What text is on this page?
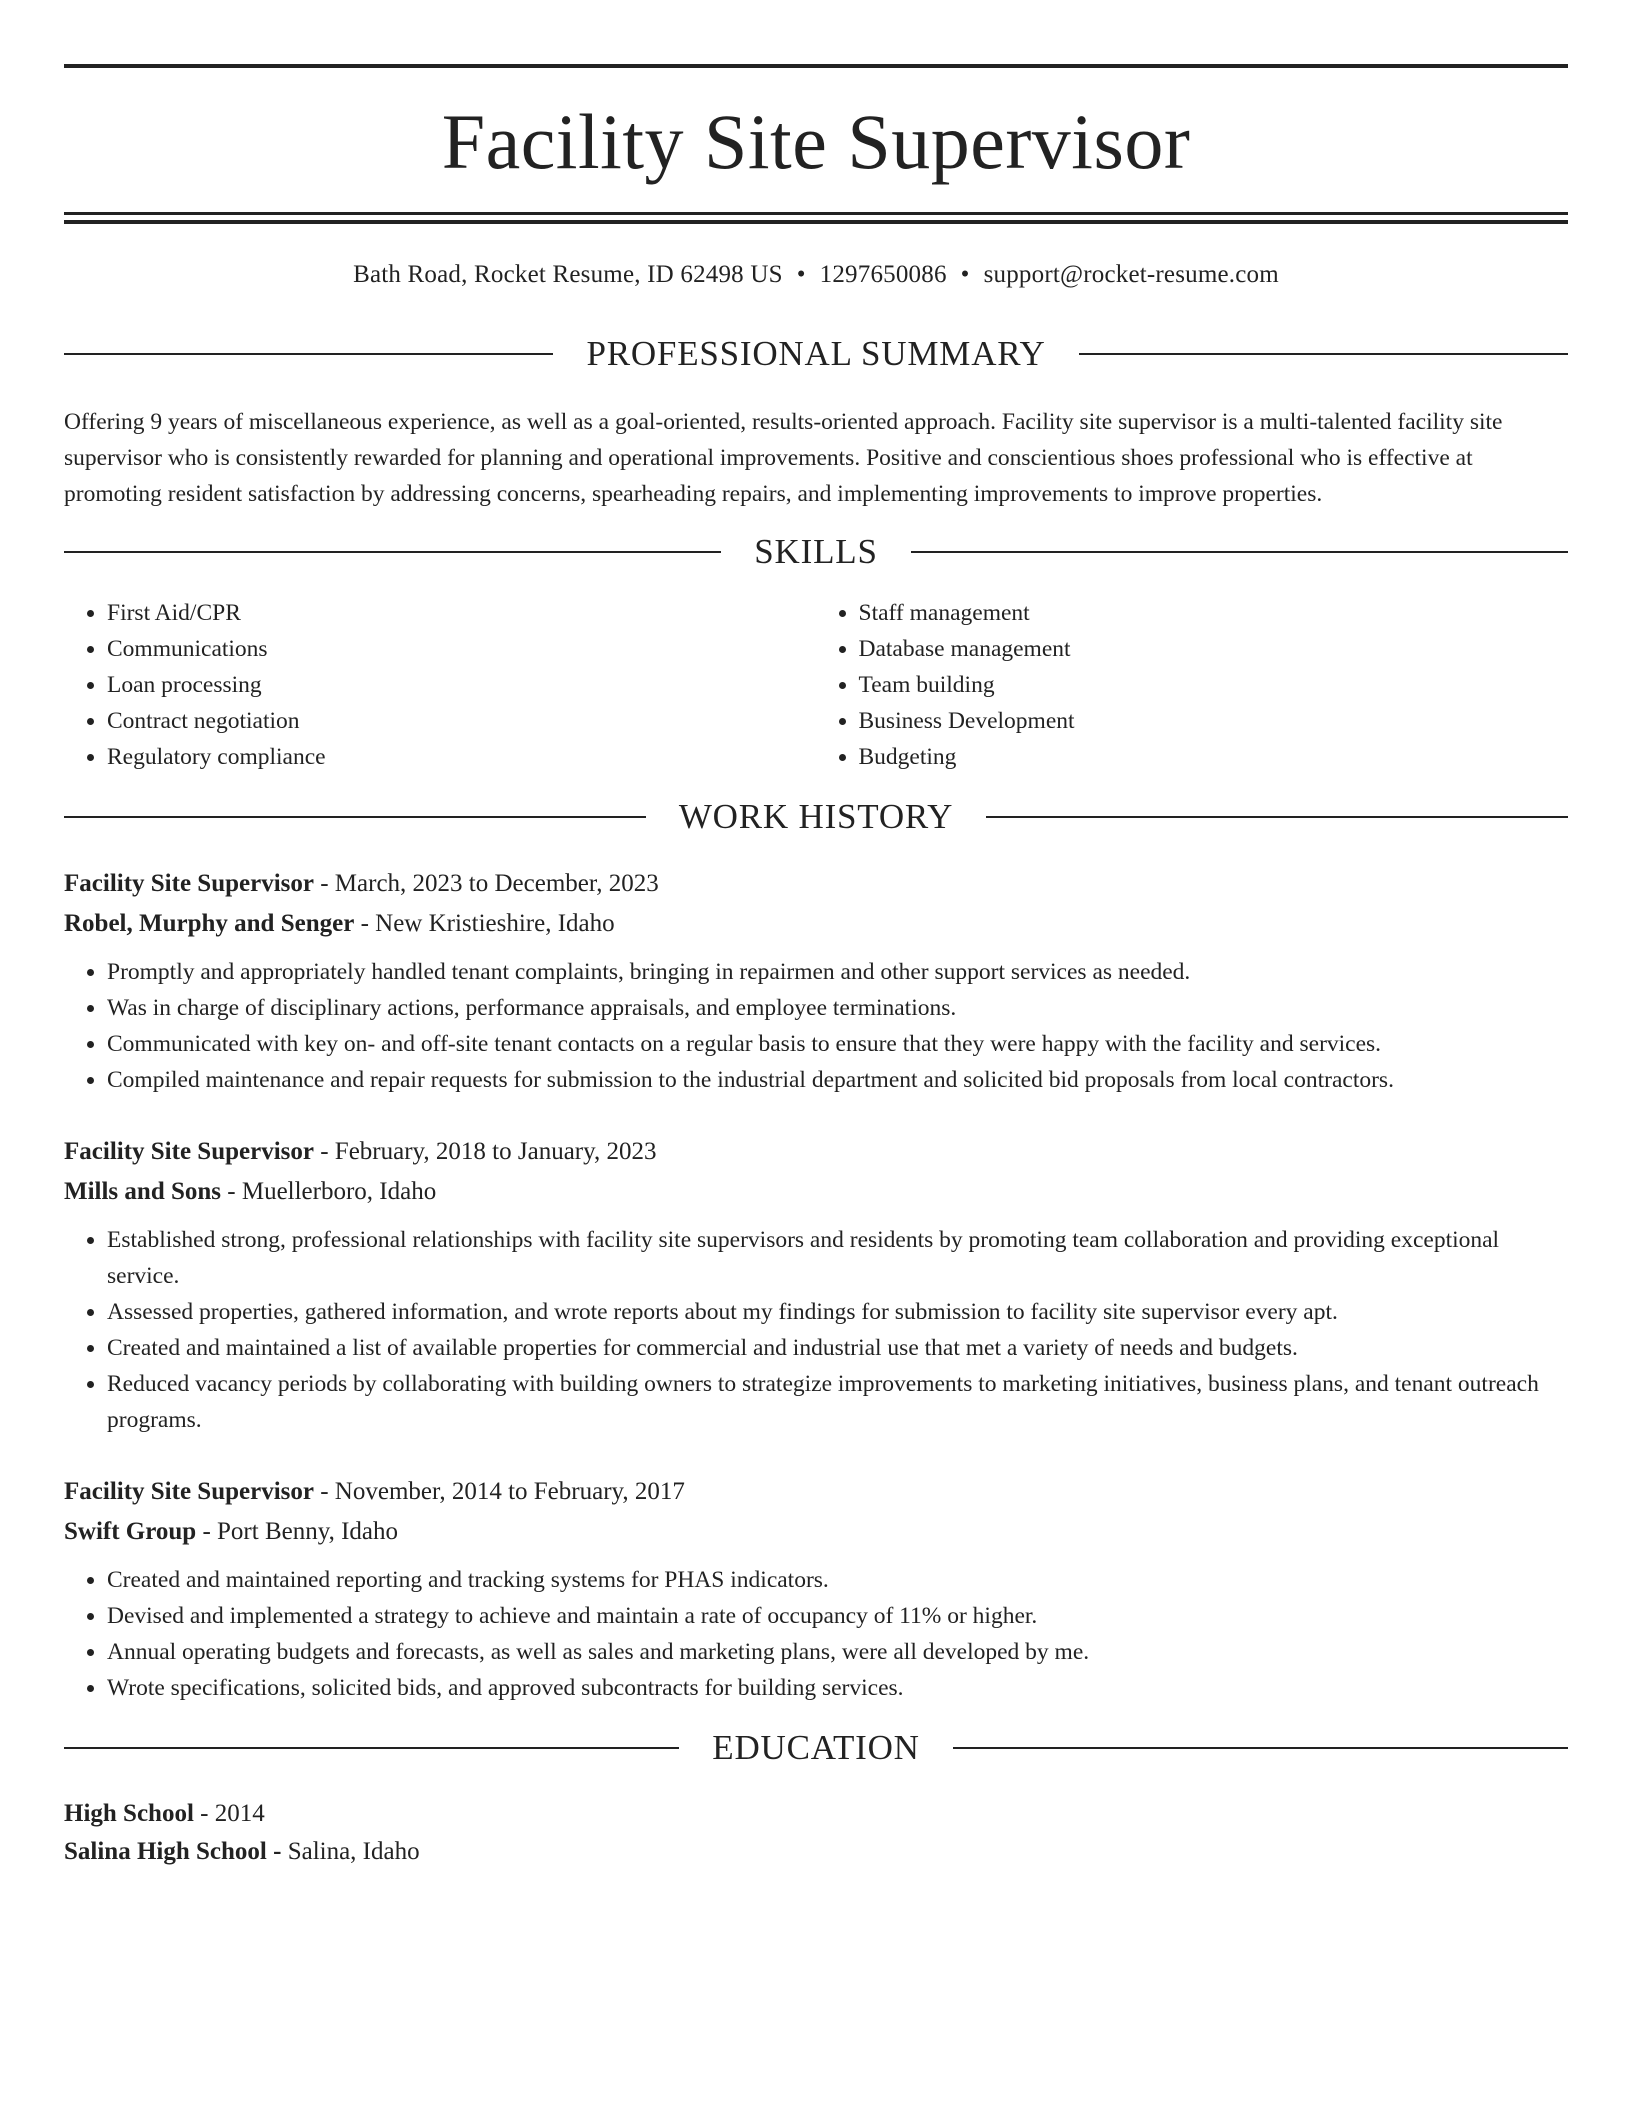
Facility Site Supervisor
Bath Road, Rocket Resume, ID 62498 US • 1297650086 • support@rocket-resume.com
PROFESSIONAL SUMMARY
Offering 9 years of miscellaneous experience, as well as a goal-oriented, results-oriented approach. Facility site supervisor is a multi-talented facility site supervisor who is consistently rewarded for planning and operational improvements. Positive and conscientious shoes professional who is effective at promoting resident satisfaction by addressing concerns, spearheading repairs, and implementing improvements to improve properties.
SKILLS
• First Aid/CPR
• Communications
• Loan processing
• Contract negotiation
• Regulatory compliance
• Staff management
• Database management
• Team building
• Business Development
• Budgeting
WORK HISTORY
Facility Site Supervisor - March, 2023 to December, 2023
Robel, Murphy and Senger - New Kristieshire, Idaho
• Promptly and appropriately handled tenant complaints, bringing in repairmen and other support services as needed.
• Was in charge of disciplinary actions, performance appraisals, and employee terminations.
• Communicated with key on- and off-site tenant contacts on a regular basis to ensure that they were happy with the facility and services.
• Compiled maintenance and repair requests for submission to the industrial department and solicited bid proposals from local contractors.
Facility Site Supervisor - February, 2018 to January, 2023
Mills and Sons - Muellerboro, Idaho
• Established strong, professional relationships with facility site supervisors and residents by promoting team collaboration and providing exceptional service.
• Assessed properties, gathered information, and wrote reports about my findings for submission to facility site supervisor every apt.
• Created and maintained a list of available properties for commercial and industrial use that met a variety of needs and budgets.
• Reduced vacancy periods by collaborating with building owners to strategize improvements to marketing initiatives, business plans, and tenant outreach programs.
Facility Site Supervisor - November, 2014 to February, 2017
Swift Group - Port Benny, Idaho
• Created and maintained reporting and tracking systems for PHAS indicators.
• Devised and implemented a strategy to achieve and maintain a rate of occupancy of 11% or higher.
• Annual operating budgets and forecasts, as well as sales and marketing plans, were all developed by me.
• Wrote specifications, solicited bids, and approved subcontracts for building services.
EDUCATION
High School - 2014
Salina High School - Salina, Idaho
